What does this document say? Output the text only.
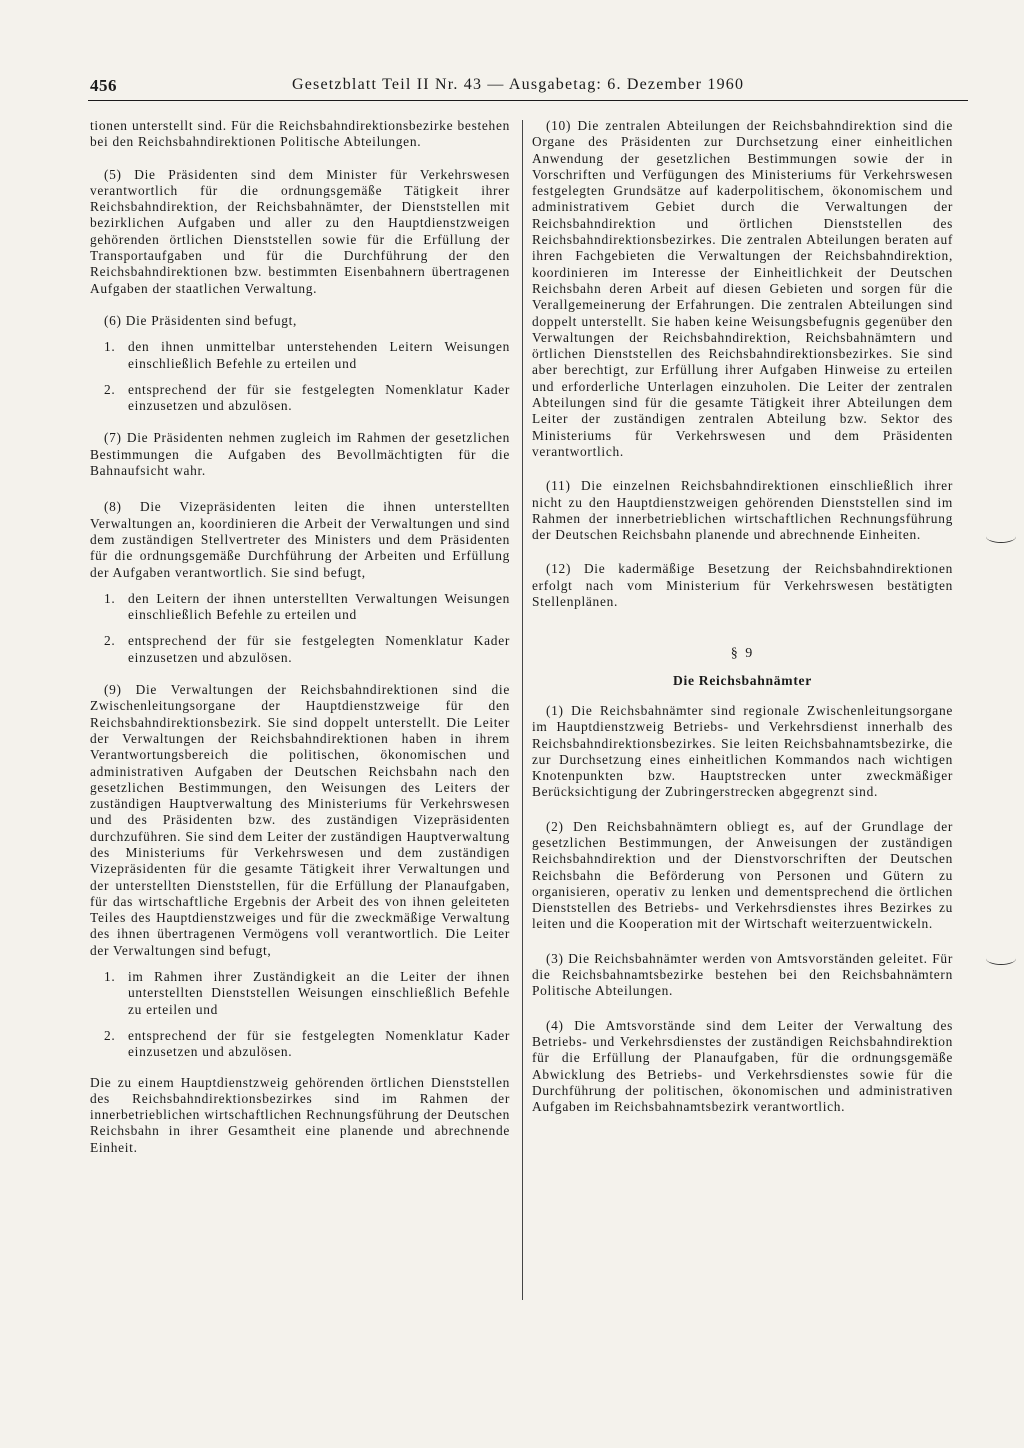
456	Gesetzblatt Teil II Nr. 43 — Ausgabetag: 6. Dezember 1960

tionen unterstellt sind. Für die Reichsbahndirektionsbezirke bestehen bei den Reichsbahndirektionen Politische Abteilungen.

(5) Die Präsidenten sind dem Minister für Verkehrswesen verantwortlich für die ordnungsgemäße Tätigkeit ihrer Reichsbahndirektion, der Reichsbahnämter, der Dienststellen mit bezirklichen Aufgaben und aller zu den Hauptdienstzweigen gehörenden örtlichen Dienststellen sowie für die Erfüllung der Transportaufgaben und für die Durchführung der den Reichsbahndirektionen bzw. bestimmten Eisenbahnern übertragenen Aufgaben der staatlichen Verwaltung.

(6) Die Präsidenten sind befugt,

1. den ihnen unmittelbar unterstehenden Leitern Weisungen einschließlich Befehle zu erteilen und
2. entsprechend der für sie festgelegten Nomenklatur Kader einzusetzen und abzulösen.

(7) Die Präsidenten nehmen zugleich im Rahmen der gesetzlichen Bestimmungen die Aufgaben des Bevollmächtigten für die Bahnaufsicht wahr.

(8) Die Vizepräsidenten leiten die ihnen unterstellten Verwaltungen an, koordinieren die Arbeit der Verwaltungen und sind dem zuständigen Stellvertreter des Ministers und dem Präsidenten für die ordnungsgemäße Durchführung der Arbeiten und Erfüllung der Aufgaben verantwortlich. Sie sind befugt,

1. den Leitern der ihnen unterstellten Verwaltungen Weisungen einschließlich Befehle zu erteilen und
2. entsprechend der für sie festgelegten Nomenklatur Kader einzusetzen und abzulösen.

(9) Die Verwaltungen der Reichsbahndirektionen sind die Zwischenleitungsorgane der Hauptdienstzweige für den Reichsbahndirektionsbezirk. Sie sind doppelt unterstellt. Die Leiter der Verwaltungen der Reichsbahndirektionen haben in ihrem Verantwortungsbereich die politischen, ökonomischen und administrativen Aufgaben der Deutschen Reichsbahn nach den gesetzlichen Bestimmungen, den Weisungen des Leiters der zuständigen Hauptverwaltung des Ministeriums für Verkehrswesen und des Präsidenten bzw. des zuständigen Vizepräsidenten durchzuführen. Sie sind dem Leiter der zuständigen Hauptverwaltung des Ministeriums für Verkehrswesen und dem zuständigen Vizepräsidenten für die gesamte Tätigkeit ihrer Verwaltungen und der unterstellten Dienststellen, für die Erfüllung der Planaufgaben, für das wirtschaftliche Ergebnis der Arbeit des von ihnen geleiteten Teiles des Hauptdienstzweiges und für die zweckmäßige Verwaltung des ihnen übertragenen Vermögens voll verantwortlich. Die Leiter der Verwaltungen sind befugt,

1. im Rahmen ihrer Zuständigkeit an die Leiter der ihnen unterstellten Dienststellen Weisungen einschließlich Befehle zu erteilen und
2. entsprechend der für sie festgelegten Nomenklatur Kader einzusetzen und abzulösen.

Die zu einem Hauptdienstzweig gehörenden örtlichen Dienststellen des Reichsbahndirektionsbezirkes sind im Rahmen der innerbetrieblichen wirtschaftlichen Rechnungsführung der Deutschen Reichsbahn in ihrer Gesamtheit eine planende und abrechnende Einheit.

(10) Die zentralen Abteilungen der Reichsbahndirektion sind die Organe des Präsidenten zur Durchsetzung einer einheitlichen Anwendung der gesetzlichen Bestimmungen sowie der in Vorschriften und Verfügungen des Ministeriums für Verkehrswesen festgelegten Grundsätze auf kaderpolitischem, ökonomischem und administrativem Gebiet durch die Verwaltungen der Reichsbahndirektion und örtlichen Dienststellen des Reichsbahndirektionsbezirkes. Die zentralen Abteilungen beraten auf ihren Fachgebieten die Verwaltungen der Reichsbahndirektion, koordinieren im Interesse der Einheitlichkeit der Deutschen Reichsbahn deren Arbeit auf diesen Gebieten und sorgen für die Verallgemeinerung der Erfahrungen. Die zentralen Abteilungen sind doppelt unterstellt. Sie haben keine Weisungsbefugnis gegenüber den Verwaltungen der Reichsbahndirektion, Reichsbahnämtern und örtlichen Dienststellen des Reichsbahndirektionsbezirkes. Sie sind aber berechtigt, zur Erfüllung ihrer Aufgaben Hinweise zu erteilen und erforderliche Unterlagen einzuholen. Die Leiter der zentralen Abteilungen sind für die gesamte Tätigkeit ihrer Abteilungen dem Leiter der zuständigen zentralen Abteilung bzw. Sektor des Ministeriums für Verkehrswesen und dem Präsidenten verantwortlich.

(11) Die einzelnen Reichsbahndirektionen einschließlich ihrer nicht zu den Hauptdienstzweigen gehörenden Dienststellen sind im Rahmen der innerbetrieblichen wirtschaftlichen Rechnungsführung der Deutschen Reichsbahn planende und abrechnende Einheiten.

(12) Die kadermäßige Besetzung der Reichsbahndirektionen erfolgt nach vom Ministerium für Verkehrswesen bestätigten Stellenplänen.

§ 9
Die Reichsbahnämter

(1) Die Reichsbahnämter sind regionale Zwischenleitungsorgane im Hauptdienstzweig Betriebs- und Verkehrsdienst innerhalb des Reichsbahndirektionsbezirkes. Sie leiten Reichsbahnamtsbezirke, die zur Durchsetzung eines einheitlichen Kommandos nach wichtigen Knotenpunkten bzw. Hauptstrecken unter zweckmäßiger Berücksichtigung der Zubringerstrecken abgegrenzt sind.

(2) Den Reichsbahnämtern obliegt es, auf der Grundlage der gesetzlichen Bestimmungen, der Anweisungen der zuständigen Reichsbahndirektion und der Dienstvorschriften der Deutschen Reichsbahn die Beförderung von Personen und Gütern zu organisieren, operativ zu lenken und dementsprechend die örtlichen Dienststellen des Betriebs- und Verkehrsdienstes ihres Bezirkes zu leiten und die Kooperation mit der Wirtschaft weiterzuentwickeln.

(3) Die Reichsbahnämter werden von Amtsvorständen geleitet. Für die Reichsbahnamtsbezirke bestehen bei den Reichsbahnämtern Politische Abteilungen.

(4) Die Amtsvorstände sind dem Leiter der Verwaltung des Betriebs- und Verkehrsdienstes der zuständigen Reichsbahndirektion für die Erfüllung der Planaufgaben, für die ordnungsgemäße Abwicklung des Betriebs- und Verkehrsdienstes sowie für die Durchführung der politischen, ökonomischen und administrativen Aufgaben im Reichsbahnamtsbezirk verantwortlich.
